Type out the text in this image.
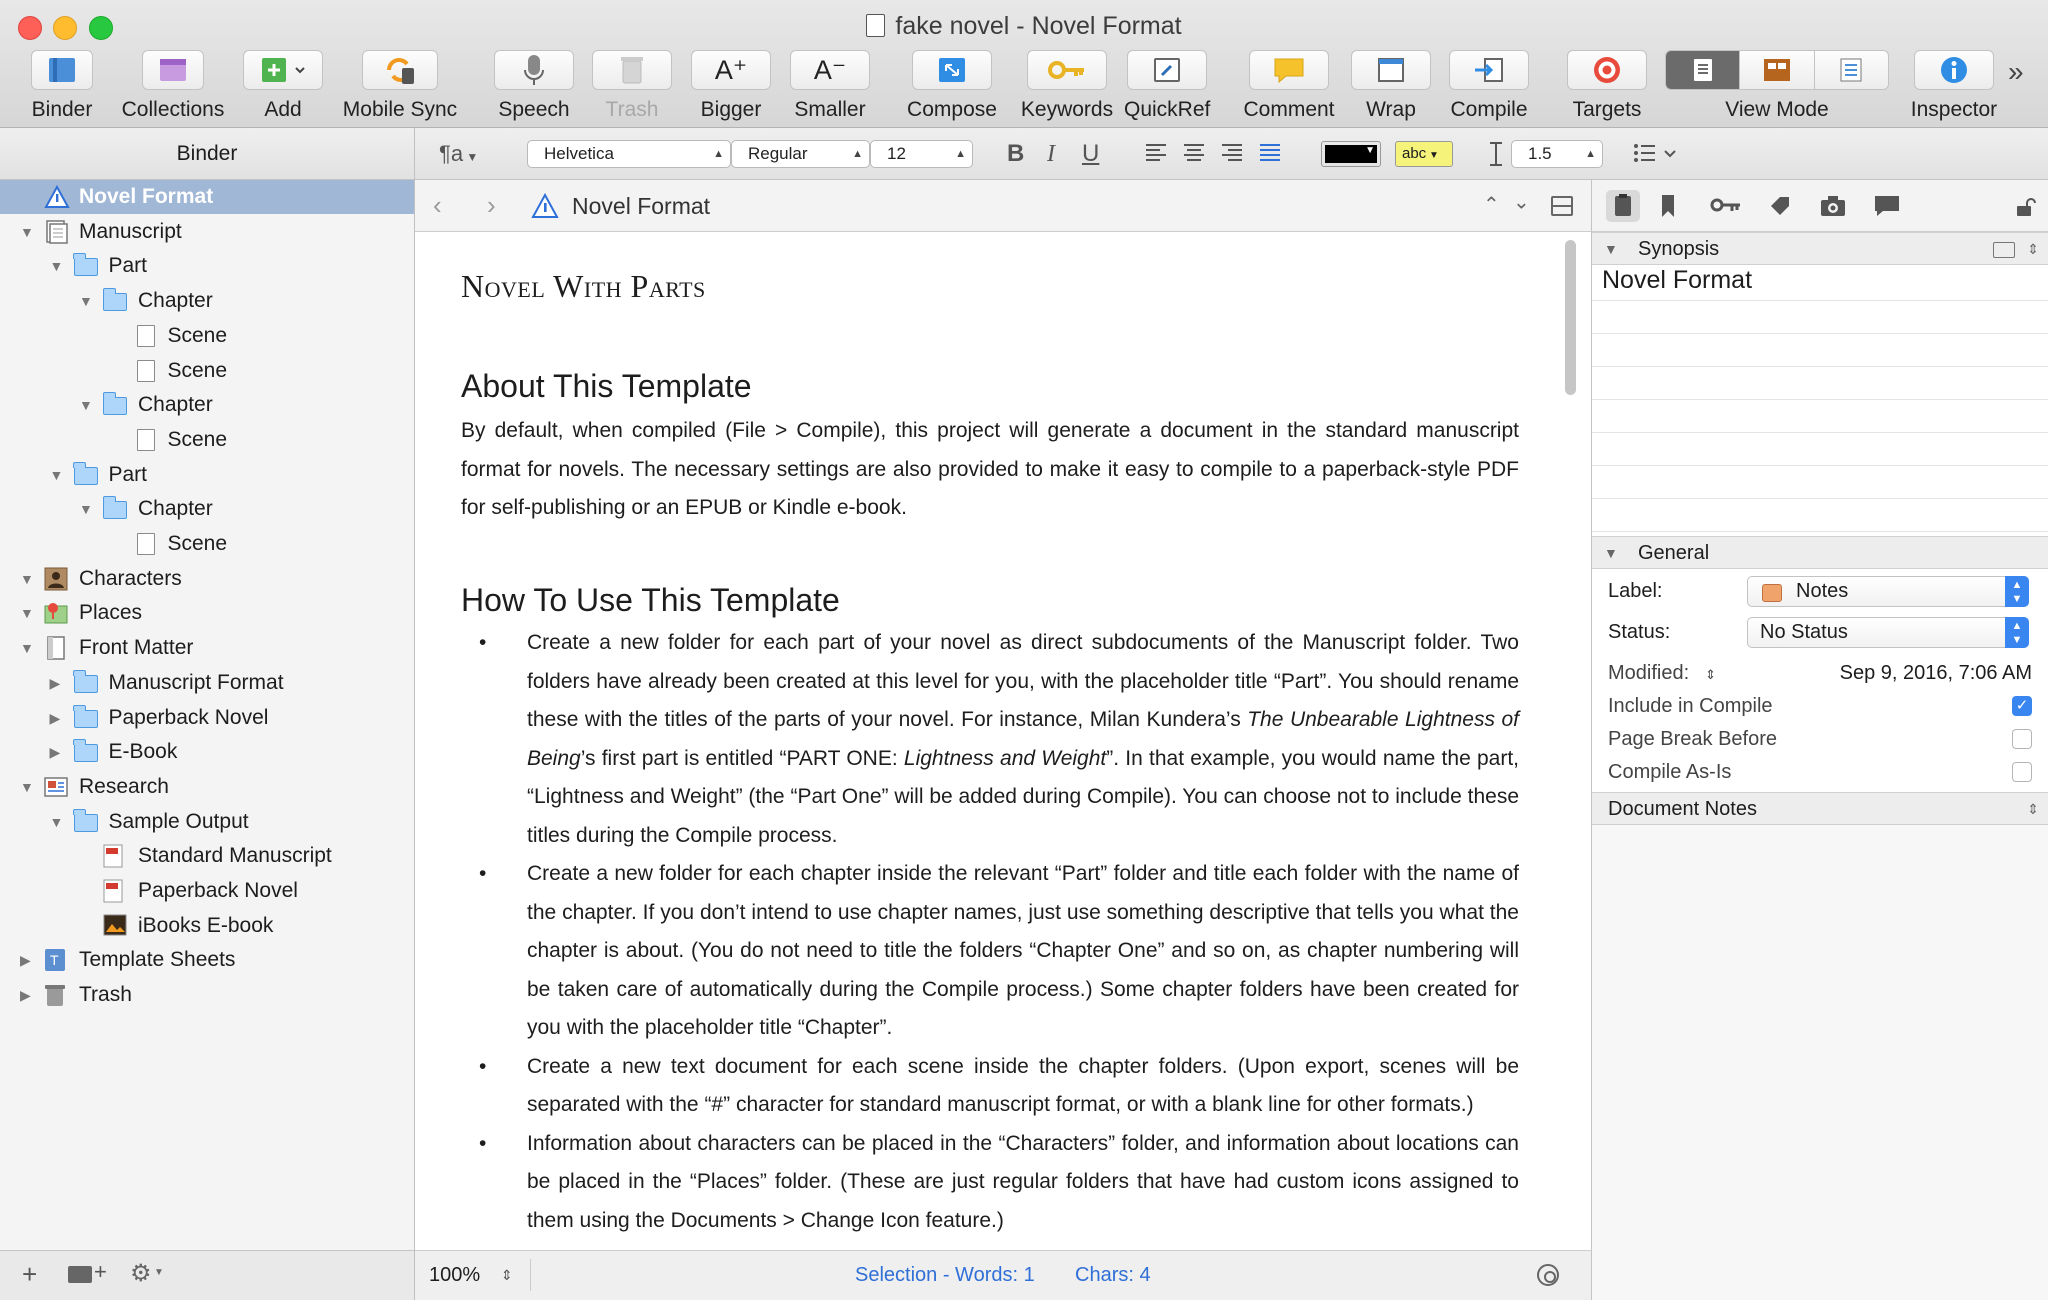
fake novel - Novel Format
Binder	Collections	Add	Mobile Sync	Speech	Trash
A⁺
Bigger
A⁻
Smaller	Compose	Keywords QuickRef Comment	Wrap	Compile	Targets	View Mode	Inspector
»
Binder
Novel Format
▼ Manuscript
▼ Part
▼ Chapter
Scene
Scene
▼ Chapter
Scene
▼ Part
▼ Chapter
Scene
▼ Characters
▼ Places
▼ Front Matter
▶ Manuscript Format
▶ Paperback Novel
▶ E-Book
▼ Research
▼ Sample Output
Standard Manuscript
Paperback Novel
iBooks E-book
▶ T Template Sheets
▶ Trash
+	+ ⚙ ▼
¶a ▼	Helvetica	▲	Regular	▲	12	▲ B I U	▼	abc ▼	1.5	▲
‹ ›	Novel Format	⌃ ⌃
Novel With Parts
About This Template
By default, when compiled (File > Compile), this project will generate a document in the standard manuscript format for novels. The necessary settings are also provided to make it easy to compile to a paperback-style PDF for self-publishing or an EPUB or Kindle e-book.
How To Use This Template
• Create a new folder for each part of your novel as direct subdocuments of the Manuscript folder. Two folders have already been created at this level for you, with the placeholder title “Part”. You should rename these with the titles of the parts of your novel. For instance, Milan Kundera’s The Unbearable Lightness of Being’s first part is entitled “PART ONE: Lightness and Weight”. In that example, you would name the part, “Lightness and Weight” (the “Part One” will be added during Compile). You can choose not to include these titles during the Compile process.
• Create a new folder for each chapter inside the relevant “Part” folder and title each folder with the name of the chapter. If you don’t intend to use chapter names, just use something descriptive that tells you what the chapter is about. (You do not need to title the folders “Chapter One” and so on, as chapter numbering will be taken care of automatically during the Compile process.) Some chapter folders have been created for you with the placeholder title “Chapter”.
• Create a new text document for each scene inside the chapter folders. (Upon export, scenes will be separated with the “#” character for standard manuscript format, or with a blank line for other formats.)
• Information about characters can be placed in the “Characters” folder, and information about locations can be placed in the “Places” folder. (These are just regular folders that have had custom icons assigned to them using the Documents > Change Icon feature.)
100% ⇕	Selection - Words: 1 Chars: 4
▼ Synopsis	⇕
Novel Format
▼ General
Label:	Notes	▲
▼
Status:	No Status	▲
▼
Modified: ⇕	Sep 9, 2016, 7:06 AM
Include in Compile	✓
Page Break Before
Compile As-Is
Document Notes	⇕
